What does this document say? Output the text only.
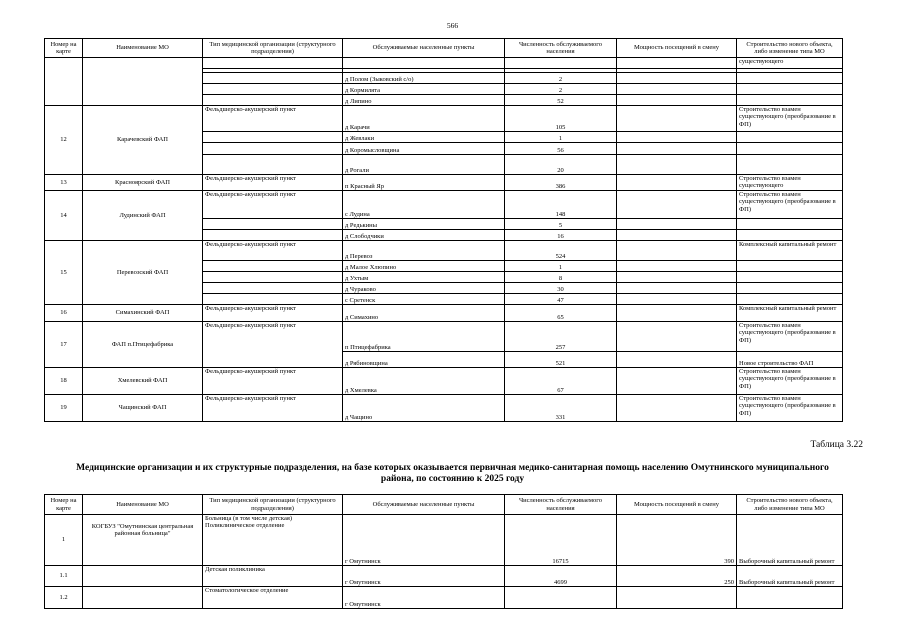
566
Номер на карте	Наименование МО	Тип медицинской организации (структурного подразделения)	Обслуживаемые населенные пункты	Численность обслуживаемого населения	Мощность посещений в смену	Строительство нового объекта, либо изменение типа МО
						существующего

			д Полом (Зыковский с/о)	2		
			д Кормилята	2		
			д Липино	52		
12	Карачевский ФАП	Фельдшерско-акушерский пункт	д Карачи	105		Строительство взамен существующего (преобразование в ФП)
			д Жевлаки	1		
			д Коромысловщина	56		
			д Рогали	20		
13	Красноярский ФАП	Фельдшерско-акушерский пункт	п Красный Яр	386		Строительство взамен существующего
14	Лудинский ФАП	Фельдшерско-акушерский пункт	с Лудина	148		Строительство взамен существующего (преобразование в ФП)
			д Редькины	5		
			д Слободчики	16		
15	Перевозский ФАП	Фельдшерско-акушерский пункт	д Перевоз	524		Комплексный капитальный ремонт
			д Малое Хлюпино	1		
			д Ухтым	8		
			д Чураково	30		
			с Сретенск	47		
16	Симахинский ФАП	Фельдшерско-акушерский пункт	д Симахино	65		Комплексный капитальный ремонт
17	ФАП п.Птицефабрика	Фельдшерско-акушерский пункт	п Птицефабрика	257		Строительство взамен существующего (преобразование в ФП)
			д Рябиновщина	521		Новое строительство ФАП
18	Хмелевский ФАП	Фельдшерско-акушерский пункт	д Хмелевка	67		Строительство взамен существующего (преобразование в ФП)
19	Чащинский ФАП	Фельдшерско-акушерский пункт	д Чащино	331		Строительство взамен существующего (преобразование в ФП)
Таблица 3.22
Медицинские организации и их структурные подразделения, на базе которых оказывается первичная медико-санитарная помощь населению Омутнинского муниципального района, по состоянию к 2025 году
Номер на карте	Наименование МО	Тип медицинской организации (структурного подразделения)	Обслуживаемые населенные пункты	Численность обслуживаемого населения	Мощность посещений в смену	Строительство нового объекта, либо изменение типа МО
1	КОГБУЗ "Омутнинская центральная районная больница"	Больница (в том числе детская) Поликлиническое отделение	г Омутнинск	16715	390	Выборочный капитальный ремонт
1.1		Детская поликлиника	г Омутнинск	4699	250	Выборочный капитальный ремонт
1.2		Стоматологическое отделение	г Омутнинск			
